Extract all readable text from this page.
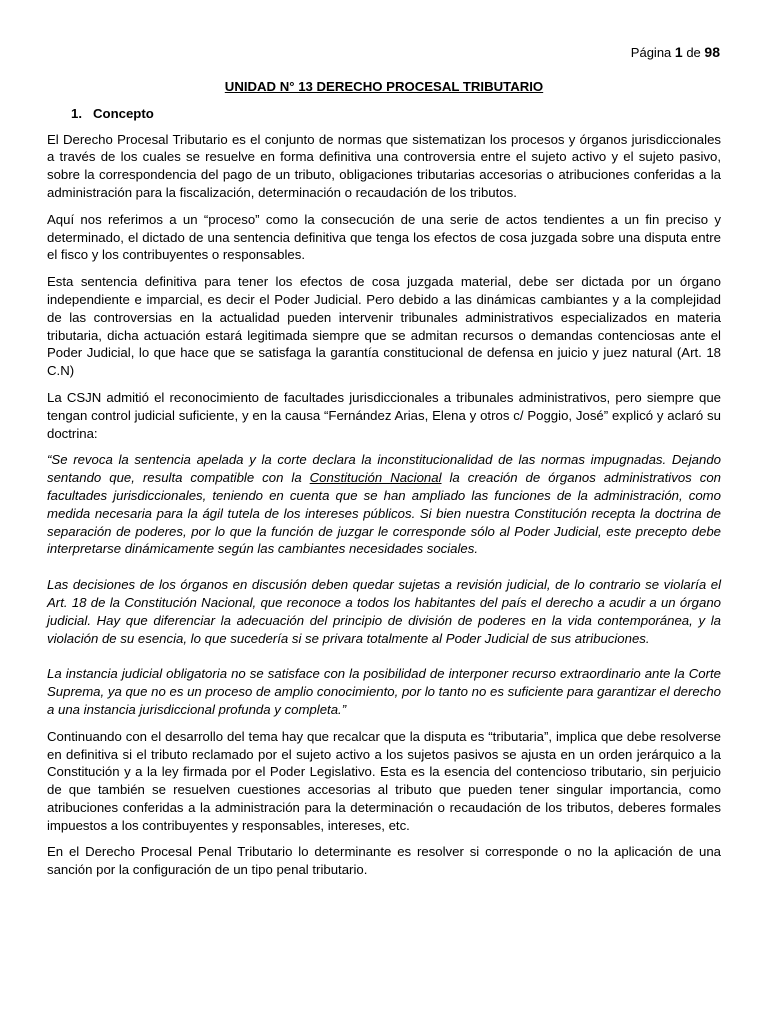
Página 1 de 98
UNIDAD N° 13 DERECHO PROCESAL TRIBUTARIO
1. Concepto

El Derecho Procesal Tributario es el conjunto de normas que sistematizan los procesos y órganos jurisdiccionales a través de los cuales se resuelve en forma definitiva una controversia entre el sujeto activo y el sujeto pasivo, sobre la correspondencia del pago de un tributo, obligaciones tributarias accesorias o atribuciones conferidas a la administración para la fiscalización, determinación o recaudación de los tributos.

Aquí nos referimos a un “proceso” como la consecución de una serie de actos tendientes a un fin preciso y determinado, el dictado de una sentencia definitiva que tenga los efectos de cosa juzgada sobre una disputa entre el fisco y los contribuyentes o responsables.

Esta sentencia definitiva para tener los efectos de cosa juzgada material, debe ser dictada por un órgano independiente e imparcial, es decir el Poder Judicial. Pero debido a las dinámicas cambiantes y a la complejidad de las controversias en la actualidad pueden intervenir tribunales administrativos especializados en materia tributaria, dicha actuación estará legitimada siempre que se admitan recursos o demandas contenciosas ante el Poder Judicial, lo que hace que se satisfaga la garantía constitucional de defensa en juicio y juez natural (Art. 18 C.N)

La CSJN admitió el reconocimiento de facultades jurisdiccionales a tribunales administrativos, pero siempre que tengan control judicial suficiente, y en la causa “Fernández Arias, Elena y otros c/ Poggio, José” explicó y aclaró su doctrina:

“Se revoca la sentencia apelada y la corte declara la inconstitucionalidad de las normas impugnadas. Dejando sentando que, resulta compatible con la Constitución Nacional la creación de órganos administrativos con facultades jurisdiccionales, teniendo en cuenta que se han ampliado las funciones de la administración, como medida necesaria para la ágil tutela de los intereses públicos. Si bien nuestra Constitución recepta la doctrina de separación de poderes, por lo que la función de juzgar le corresponde sólo al Poder Judicial, este precepto debe interpretarse dinámicamente según las cambiantes necesidades sociales.

Las decisiones de los órganos en discusión deben quedar sujetas a revisión judicial, de lo contrario se violaría el Art. 18 de la Constitución Nacional, que reconoce a todos los habitantes del país el derecho a acudir a un órgano judicial. Hay que diferenciar la adecuación del principio de división de poderes en la vida contemporánea, y la violación de su esencia, lo que sucedería si se privara totalmente al Poder Judicial de sus atribuciones.

La instancia judicial obligatoria no se satisface con la posibilidad de interponer recurso extraordinario ante la Corte Suprema, ya que no es un proceso de amplio conocimiento, por lo tanto no es suficiente para garantizar el derecho a una instancia jurisdiccional profunda y completa.”

Continuando con el desarrollo del tema hay que recalcar que la disputa es “tributaria”, implica que debe resolverse en definitiva si el tributo reclamado por el sujeto activo a los sujetos pasivos se ajusta en un orden jerárquico a la Constitución y a la ley firmada por el Poder Legislativo. Esta es la esencia del contencioso tributario, sin perjuicio de que también se resuelven cuestiones accesorias al tributo que pueden tener singular importancia, como atribuciones conferidas a la administración para la determinación o recaudación de los tributos, deberes formales impuestos a los contribuyentes y responsables, intereses, etc.

En el Derecho Procesal Penal Tributario lo determinante es resolver si corresponde o no la aplicación de una sanción por la configuración de un tipo penal tributario.
